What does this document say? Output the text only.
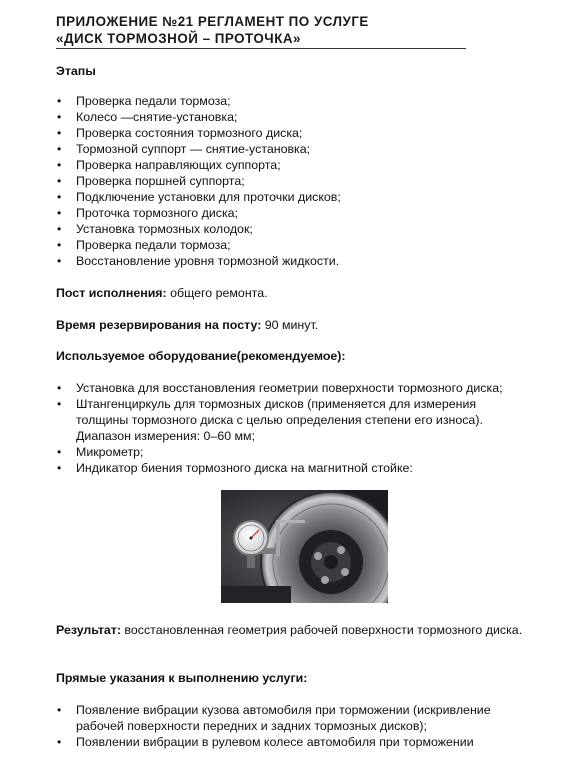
ПРИЛОЖЕНИЕ №21 РЕГЛАМЕНТ ПО УСЛУГЕ
«ДИСК ТОРМОЗНОЙ – ПРОТОЧКА»
Этапы
• Проверка педали тормоза;
• Колесо —снятие-установка;
• Проверка состояния тормозного диска;
• Тормозной суппорт — снятие-установка;
• Проверка направляющих суппорта;
• Проверка поршней суппорта;
• Подключение установки для проточки дисков;
• Проточка тормозного диска;
• Установка тормозных колодок;
• Проверка педали тормоза;
• Восстановление уровня тормозной жидкости.
Пост исполнения: общего ремонта.
Время резервирования на посту: 90 минут.
Используемое оборудование(рекомендуемое):
• Установка для восстановления геометрии поверхности тормозного диска;
• Штангенциркуль для тормозных дисков (применяется для измерения толщины тормозного диска с целью определения степени его износа). Диапазон измерения: 0–60 мм;
• Микрометр;
• Индикатор биения тормозного диска на магнитной стойке:
Результат: восстановленная геометрия рабочей поверхности тормозного диска.
Прямые указания к выполнению услуги:
• Появление вибрации кузова автомобиля при торможении (искривление рабочей поверхности передних и задних тормозных дисков);
• Появлении вибрации в рулевом колесе автомобиля при торможении
